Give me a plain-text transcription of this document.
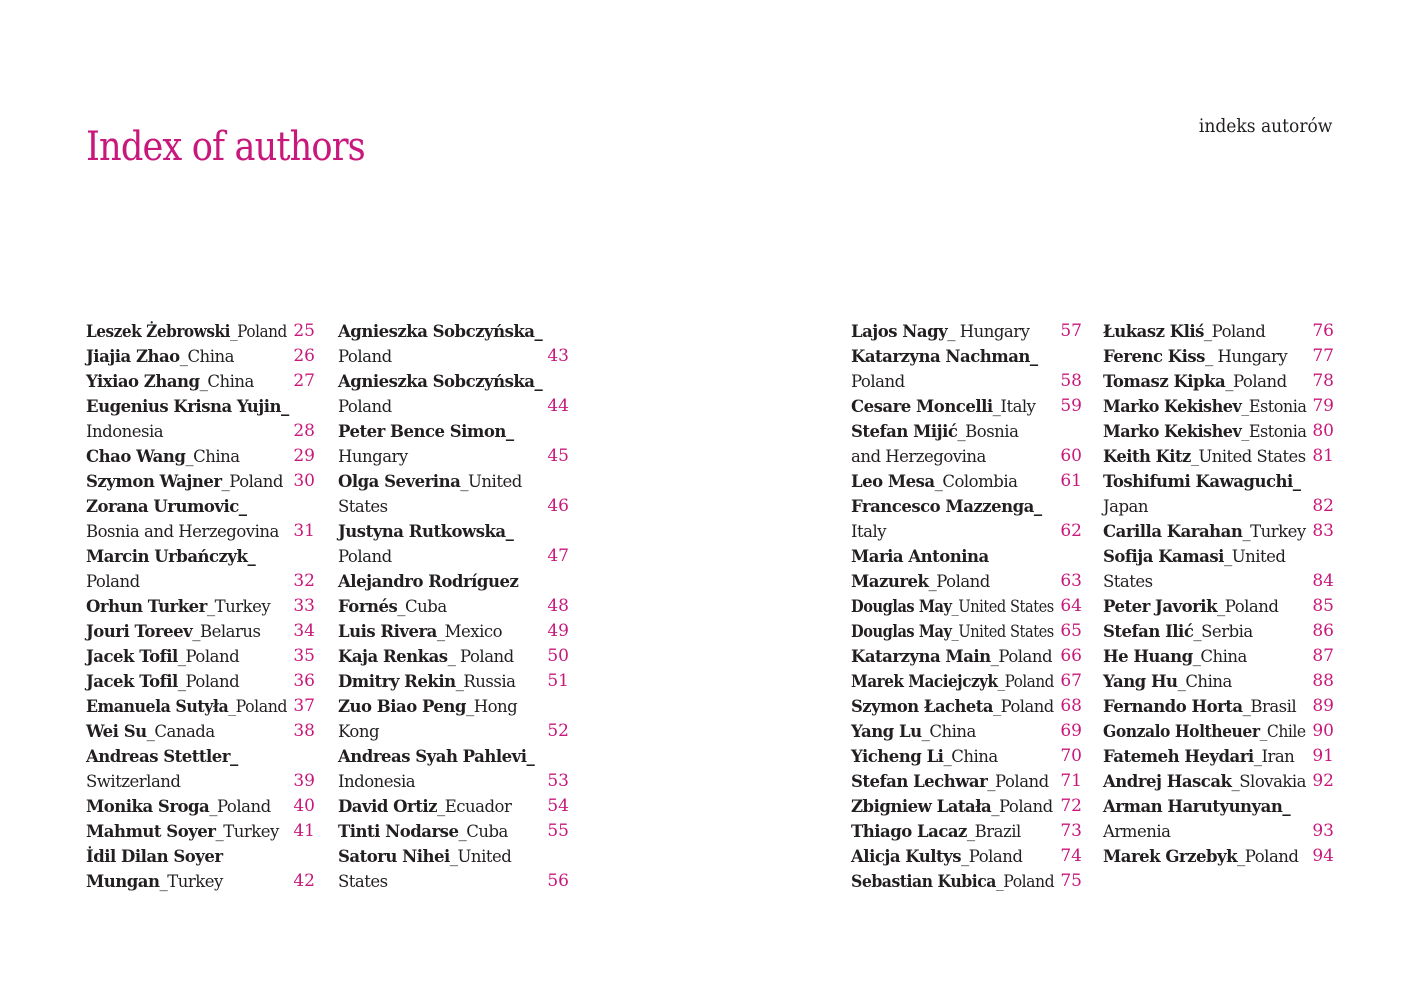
Index of authors	indeks autorów
Leszek Żebrowski_Poland 25
Jiajia Zhao_China	26
Yixiao Zhang_China 27
Eugenius Krisna Yujin_
Indonesia	28
Chao Wang_China	29
Szymon Wajner_Poland 30
Zorana Urumovic_
Bosnia and Herzegovina 31
Marcin Urbańczyk_
Poland	32
Orhun Turker_Turkey 33
Jouri Toreev_Belarus 34
Jacek Tofil_Poland	35
Jacek Tofil_Poland	36
Emanuela Sutyła_Poland 37
Wei Su_Canada	38
Andreas Stettler_
Switzerland	39
Monika Sroga_Poland 40
Mahmut Soyer_Turkey 41
İdil Dilan Soyer
Mungan_Turkey	42
Agnieszka Sobczyńska_
Poland	43
Agnieszka Sobczyńska_
Poland	44
Peter Bence Simon_
Hungary	45
Olga Severina_United
States	46
Justyna Rutkowska_
Poland	47
Alejandro Rodríguez
Fornés_Cuba	48
Luis Rivera_Mexico	49
Kaja Renkas_ Poland 50
Dmitry Rekin_Russia 51
Zuo Biao Peng_Hong
Kong	52
Andreas Syah Pahlevi_
Indonesia	53
David Ortiz_Ecuador 54
Tinti Nodarse_Cuba 55
Satoru Nihei_United
States	56
Lajos Nagy_ Hungary 57
Katarzyna Nachman_
Poland	58
Cesare Moncelli_Italy 59
Stefan Mijić_Bosnia
and Herzegovina	60
Leo Mesa_Colombia	61
Francesco Mazzenga_
Italy	62
Maria Antonina
Mazurek_Poland	63
Douglas May_United States 64
Douglas May_United States 65
Katarzyna Main_Poland 66
Marek Maciejczyk_Poland 67
Szymon Łacheta_Poland 68
Yang Lu_China	69
Yicheng Li_China	70
Stefan Lechwar_Poland 71
Zbigniew Latała_Poland 72
Thiago Lacaz_Brazil 73
Alicja Kultys_Poland 74
Sebastian Kubica_Poland 75
Łukasz Kliś_Poland	76
Ferenc Kiss_ Hungary 77
Tomasz Kipka_Poland 78
Marko Kekishev_Estonia 79
Marko Kekishev_Estonia 80
Keith Kitz_United States 81
Toshifumi Kawaguchi_
Japan	82
Carilla Karahan_Turkey 83
Sofija Kamasi_United
States	84
Peter Javorik_Poland 85
Stefan Ilić_Serbia	86
He Huang_China	87
Yang Hu_China	88
Fernando Horta_Brasil 89
Gonzalo Holtheuer_Chile 90
Fatemeh Heydari_Iran 91
Andrej Hascak_Slovakia 92
Arman Harutyunyan_
Armenia	93
Marek Grzebyk_Poland 94
